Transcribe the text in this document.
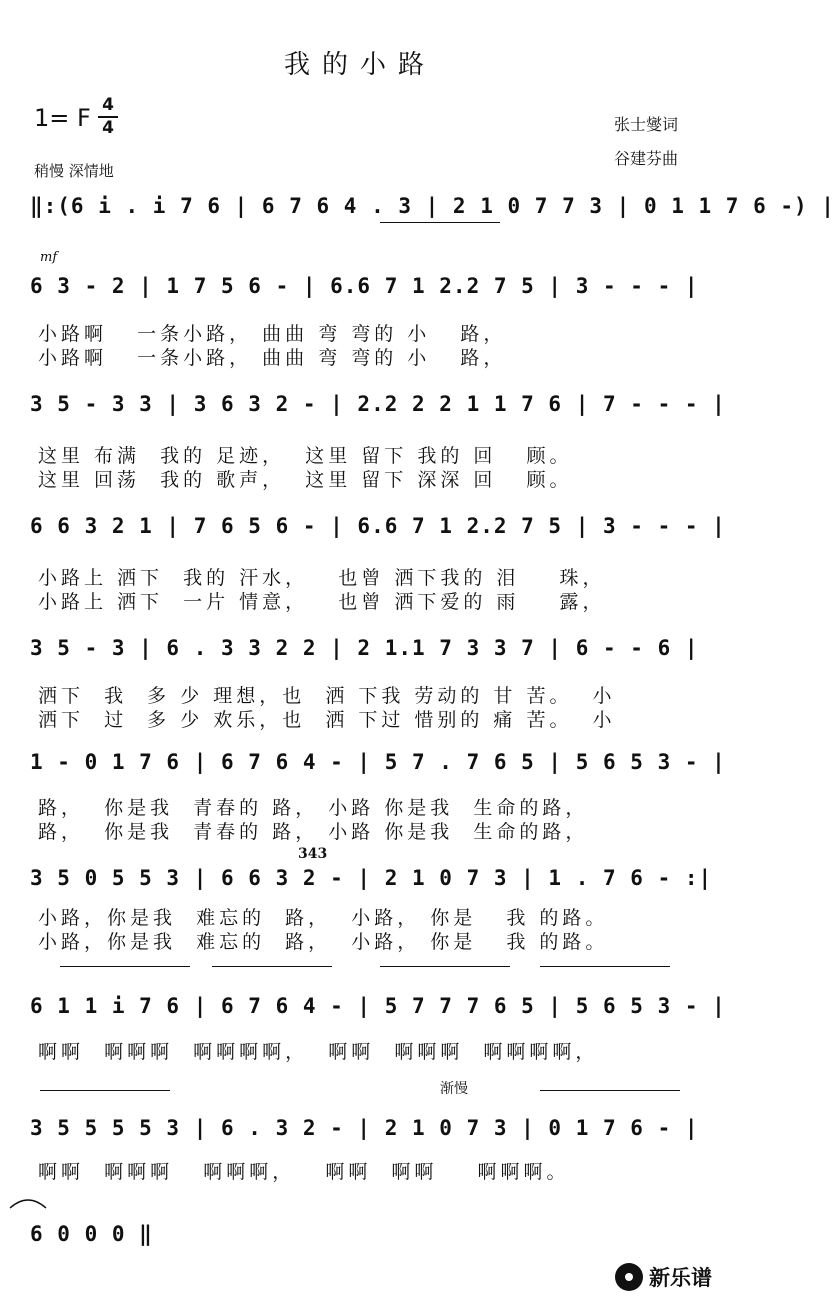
我的小路
1= F 4
4	张士燮词
谷建芬曲
稍慢 深情地
‖:(6 i . i 7 6 | 6 7 6 4 . 3 | 2 1 0 7 7 3 | 0 1 1 7 6 -) |
mf
6 3 - 2 | 1 7 5 6 - | 6.6 7 1 2.2 7 5 | 3 - - - |
小路啊   一条小路， 曲曲 弯 弯的 小   路，
小路啊   一条小路， 曲曲 弯 弯的 小   路，
3 5 - 3 3 | 3 6 3 2 - | 2.2 2 2 1 1 7 6 | 7 - - - |
这里 布满  我的 足迹，  这里 留下 我的 回   顾。
这里 回荡  我的 歌声，  这里 留下 深深 回   顾。
6 6 3 2 1 | 7 6 5 6 - | 6.6 7 1 2.2 7 5 | 3 - - - |
小路上 洒下  我的 汗水，   也曾 洒下我的 泪    珠，
小路上 洒下  一片 情意，   也曾 洒下爱的 雨    露，
3 5 - 3 | 6 . 3 3 2 2 | 2 1.1 7 3 3 7 | 6 - - 6 |
洒下  我  多 少 理想，也  洒 下我 劳动的 甘 苦。  小
洒下  过  多 少 欢乐，也  洒 下过 惜别的 痛 苦。  小
1 - 0 1 7 6 | 6 7 6 4 - | 5 7 . 7 6 5 | 5 6 5 3 - |
路，  你是我  青春的 路， 小路 你是我  生命的路，
路，  你是我  青春的 路， 小路 你是我  生命的路，
343
3 5 0 5 5 3 | 6 6 3 2 - | 2 1 0 7 3 | 1 . 7 6 - :|
小路，你是我  难忘的  路，  小路， 你是   我 的路。
小路，你是我  难忘的  路，  小路， 你是   我 的路。
6 1 1 i 7 6 | 6 7 6 4 - | 5 7 7 7 6 5 | 5 6 5 3 - |
啊啊  啊啊啊  啊啊啊啊，  啊啊  啊啊啊  啊啊啊啊，
渐慢
3 5 5 5 5 3 | 6 . 3 2 - | 2 1 0 7 3 | 0 1 7 6 - |
啊啊  啊啊啊   啊啊啊，   啊啊  啊啊    啊啊啊。
6 0 0 0 ‖
新乐谱
